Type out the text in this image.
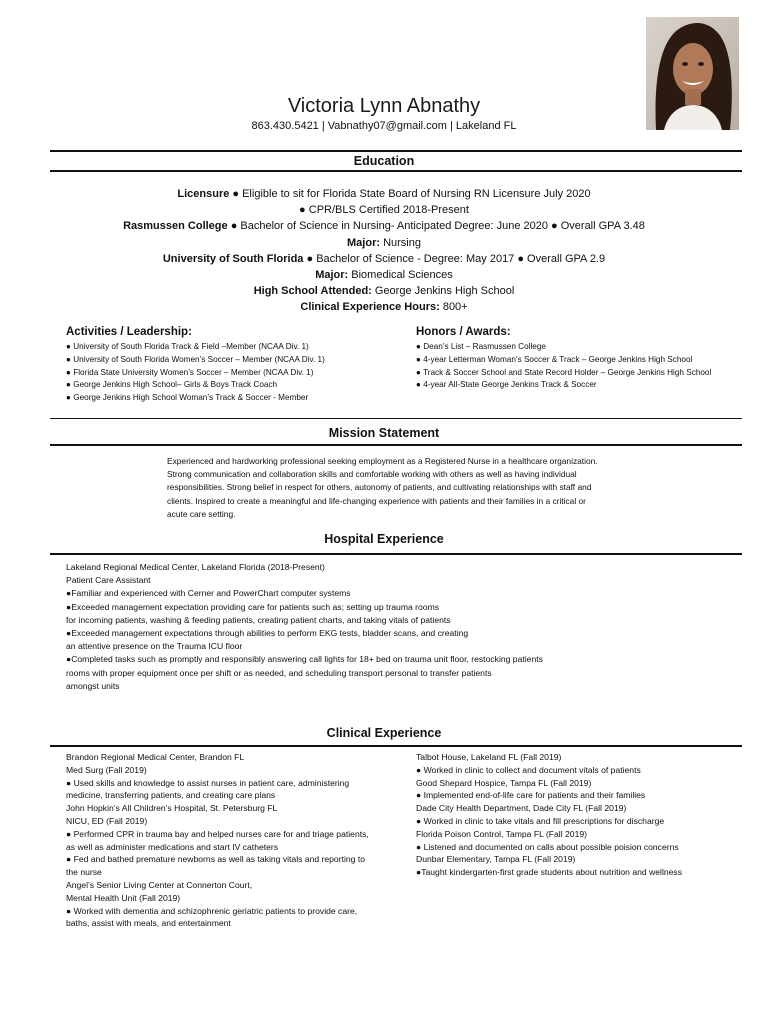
Victoria Lynn Abnathy
863.430.5421 | Vabnathy07@gmail.com | Lakeland FL
Education
Licensure ● Eligible to sit for Florida State Board of Nursing RN Licensure July 2020
● CPR/BLS Certified 2018-Present
Rasmussen College ● Bachelor of Science in Nursing- Anticipated Degree: June 2020 ● Overall GPA 3.48
Major: Nursing
University of South Florida ● Bachelor of Science - Degree: May 2017 ● Overall GPA 2.9
Major: Biomedical Sciences
High School Attended: George Jenkins High School
Clinical Experience Hours: 800+
Activities / Leadership:
● University of South Florida Track & Field –Member (NCAA Div. 1)
● University of South Florida Women’s Soccer – Member (NCAA Div. 1)
● Florida State University Women’s Soccer – Member (NCAA Div. 1)
● George Jenkins High School– Girls & Boys Track Coach
● George Jenkins High School Woman’s Track & Soccer - Member
Honors / Awards:
● Dean’s List – Rasmussen College
● 4-year Letterman Woman’s Soccer & Track – George Jenkins High School
● Track & Soccer School and State Record Holder – George Jenkins High School
● 4-year All-State George Jenkins Track & Soccer
Mission Statement

Experienced and hardworking professional seeking employment as a Registered Nurse in a healthcare organization.

Strong communication and collaboration skills and comfortable working with others as well as having individual

responsibilities. Strong belief in respect for others, autonomy of patients, and cultivating relationships with staff and

clients. Inspired to create a meaningful and life-changing experience with patients and their families in a critical or

acute care setting.

Hospital Experience
Lakeland Regional Medical Center, Lakeland Florida (2018-Present)
Patient Care Assistant
●Familiar and experienced with Cerner and PowerChart computer systems
●Exceeded management expectation providing care for patients such as; setting up trauma rooms
for incoming patients, washing & feeding patients, creating patient charts, and taking vitals of patients
●Exceeded management expectations through abilities to perform EKG tests, bladder scans, and creating
an attentive presence on the Trauma ICU floor
●Completed tasks such as promptly and responsibly answering call lights for 18+ bed on trauma unit floor, restocking patients
rooms with proper equipment once per shift or as needed, and scheduling transport personal to transfer patients
amongst units
Clinical Experience
Brandon Regional Medical Center, Brandon FL
Med Surg (Fall 2019)
● Used skills and knowledge to assist nurses in patient care, administering
medicine, transferring patients, and creating care plans
John Hopkin’s All Children’s Hospital, St. Petersburg FL
NICU, ED (Fall 2019)
● Performed CPR in trauma bay and helped nurses care for and triage patients,
as well as administer medications and start IV catheters
● Fed and bathed premature newborns as well as taking vitals and reporting to
the nurse
Angel’s Senior Living Center at Connerton Court,
Mental Health Unit (Fall 2019)
● Worked with dementia and schizophrenic geriatric patients to provide care,
baths, assist with meals, and entertainment
Talbot House, Lakeland FL (Fall 2019)
● Worked in clinic to collect and document vitals of patients
Good Shepard Hospice, Tampa FL (Fall 2019)
● Implemented end-of-life care for patients and their families
Dade City Health Department, Dade City FL (Fall 2019)
● Worked in clinic to take vitals and fill prescriptions for discharge
Florida Poison Control, Tampa FL (Fall 2019)
● Listened and documented on calls about possible poision concerns
Dunbar Elementary, Tampa FL (Fall 2019)
●Taught kindergarten-first grade students about nutrition and wellness
